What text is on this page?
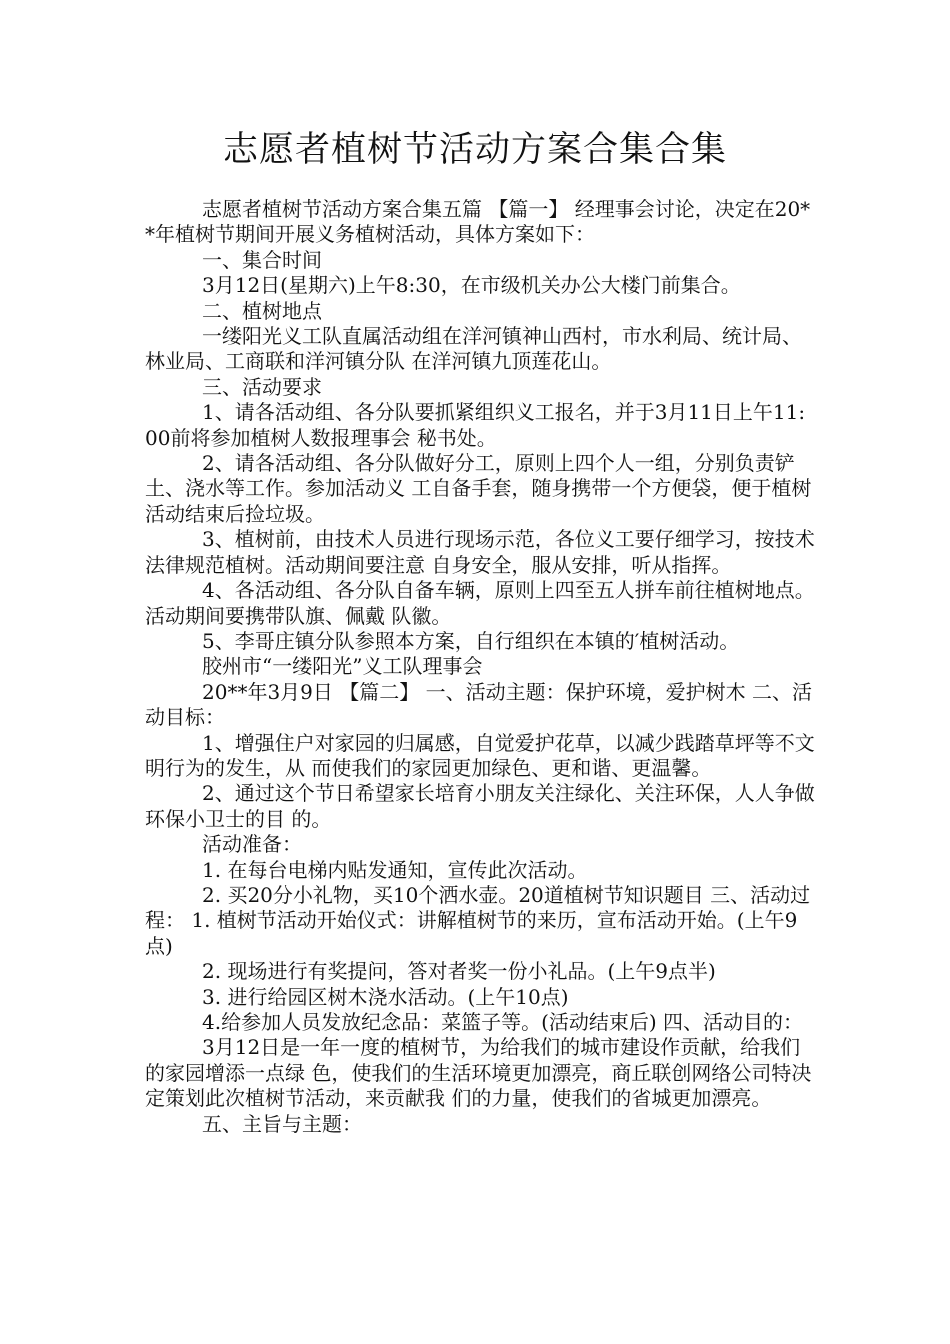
志愿者植树节活动方案合集合集

志愿者植树节活动方案合集五篇 【篇一】 经理事会讨论，决定在20**年植树节期间开展义务植树活动，具体方案如下：

一、集合时间

3月12日(星期六)上午8:30，在市级机关办公大楼门前集合。

二、植树地点

一缕阳光义工队直属活动组在洋河镇神山西村，市水利局、统计局、林业局、工商联和洋河镇分队 在洋河镇九顶莲花山。

三、活动要求

1、请各活动组、各分队要抓紧组织义工报名，并于3月11日上午11:00前将参加植树人数报理事会 秘书处。

2、请各活动组、各分队做好分工，原则上四个人一组，分别负责铲土、浇水等工作。参加活动义 工自备手套，随身携带一个方便袋，便于植树活动结束后捡垃圾。

3、植树前，由技术人员进行现场示范，各位义工要仔细学习，按技术法律规范植树。活动期间要注意 自身安全，服从安排，听从指挥。

4、各活动组、各分队自备车辆，原则上四至五人拼车前往植树地点。活动期间要携带队旗、佩戴 队徽。

5、李哥庄镇分队参照本方案，自行组织在本镇的′植树活动。

胶州市“一缕阳光”义工队理事会

20**年3月9日 【篇二】 一、活动主题：保护环境，爱护树木 二、活动目标：

1、增强住户对家园的归属感，自觉爱护花草，以减少践踏草坪等不文明行为的发生，从 而使我们的家园更加绿色、更和谐、更温馨。

2、通过这个节日希望家长培育小朋友关注绿化、关注环保，人人争做环保小卫士的目 的。

活动准备：

1. 在每台电梯内贴发通知，宣传此次活动。

2. 买20分小礼物，买10个洒水壶。20道植树节知识题目 三、活动过程： 1. 植树节活动开始仪式：讲解植树节的来历，宣布活动开始。(上午9点)

2. 现场进行有奖提问，答对者奖一份小礼品。(上午9点半)

3. 进行给园区树木浇水活动。(上午10点)

4.给参加人员发放纪念品：菜篮子等。(活动结束后) 四、活动目的：

3月12日是一年一度的植树节，为给我们的城市建设作贡献，给我们的家园增添一点绿 色，使我们的生活环境更加漂亮，商丘联创网络公司特决定策划此次植树节活动，来贡献我 们的力量，使我们的省城更加漂亮。

五、主旨与主题：
